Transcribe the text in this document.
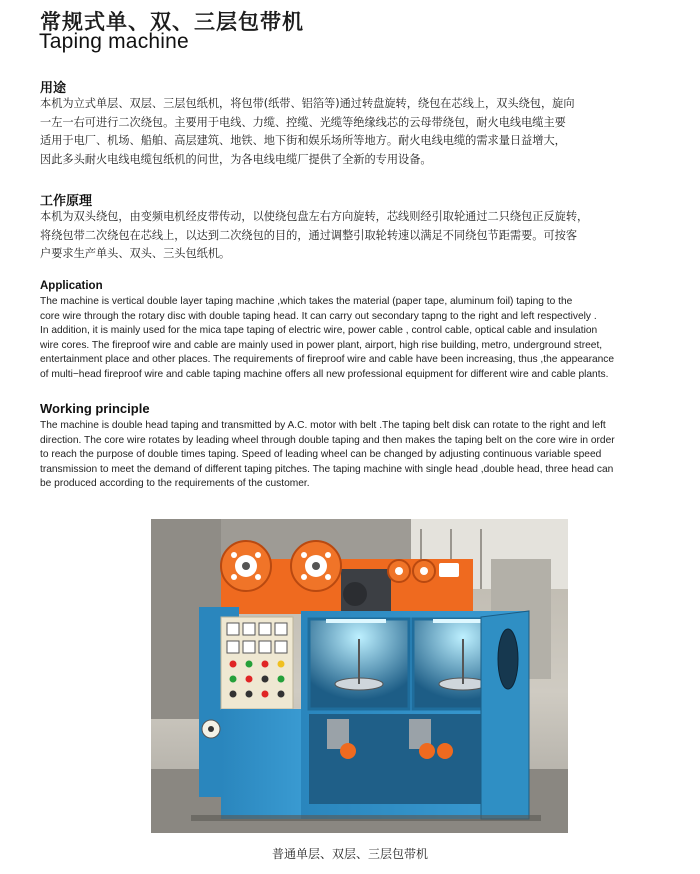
常规式单、双、三层包带机
Taping machine
用途
本机为立式单层、双层、三层包纸机，将包带(纸带、铝箔等)通过转盘旋转，绕包在芯线上，双头绕包，旋向
一左一右可进行二次绕包。主要用于电线、力缆、控缆、光缆等绝缘线芯的云母带绕包，耐火电线电缆主要
适用于电厂、机场、船舶、高层建筑、地铁、地下街和娱乐场所等地方。耐火电线电缆的需求量日益增大，
因此多头耐火电线电缆包纸机的问世，为各电线电缆厂提供了全新的专用设备。
工作原理
本机为双头绕包，由变频电机经皮带传动，以使绕包盘左右方向旋转，芯线则经引取轮通过二只绕包正反旋转，
将绕包带二次绕包在芯线上，以达到二次绕包的目的，通过调整引取轮转速以满足不同绕包节距需要。可按客
户要求生产单头、双头、三头包纸机。
Application
The machine is vertical double layer taping machine ,which takes the material (paper tape, aluminum foil) taping to the
core wire through the rotary disc with double taping head. It can carry out secondary tapng to the right and left respectively .
In addition, it is mainly used for the mica tape taping of electric wire, power cable , control cable, optical cable and insulation
wire cores. The fireproof wire and cable are mainly used in power plant, airport, high rise building, metro, underground street,
entertainment place and other places. The requirements of fireproof wire and cable have been increasing, thus ,the appearance
of multi−head fireproof wire and cable taping machine offers all new professional equipment for different wire and cable plants.
Working principle
The machine is double head taping and transmitted by A.C. motor with belt .The taping belt disk can rotate to the right and left
direction. The core wire rotates by leading wheel through double taping and then makes the taping belt on the core wire in order
to reach the purpose of double times taping. Speed of leading wheel can be changed by adjusting continuous variable speed
transmission to meet the demand of different taping pitches. The taping machine with single head ,double head, three head can
be produced according to the requirements of the customer.
普通单层、双层、三层包带机
